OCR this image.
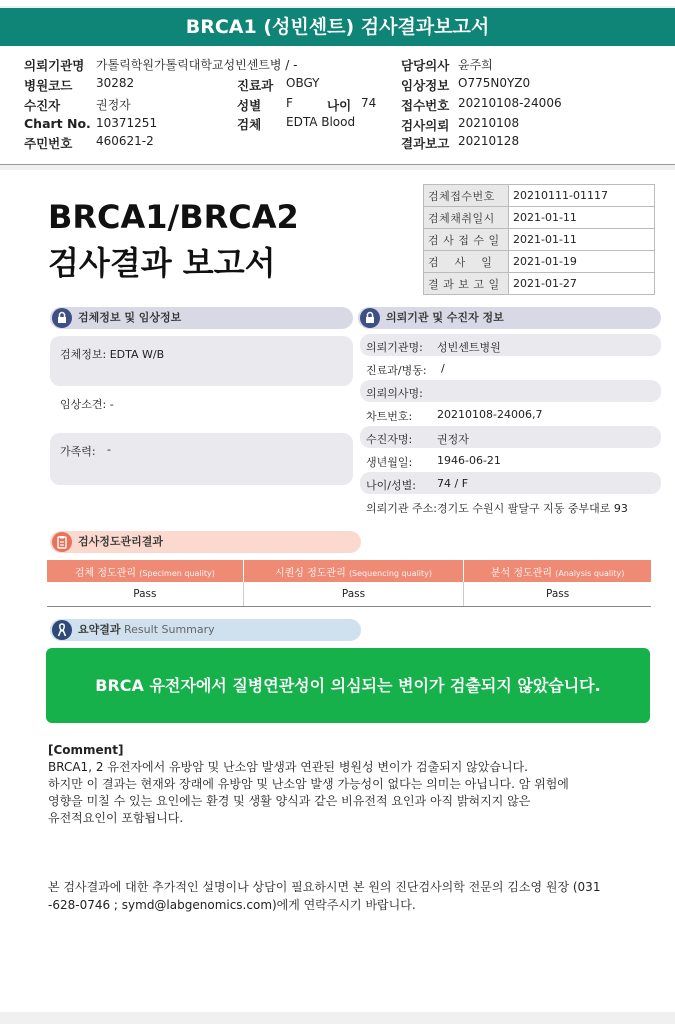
BRCA1 (성빈센트) 검사결과보고서
의뢰기관명 가톨릭학원가톨릭대학교성빈센트병 / -
병원코드 30282	진료과 OBGY
수진자	권정자	성별 F	나이 74
Chart No. 10371251	검체 EDTA Blood
주민번호 460621-2
담당의사 윤주희
임상정보 O775N0YZ0
접수번호 20210108-24006
검사의뢰 20210108
결과보고 20210128
BRCA1/BRCA2
검사결과 보고서
검체접수번호	20210111-01117
검체채취일시	2021-01-11
검 사 접 수 일	2021-01-11
검　 사　 일	2021-01-19
결 과 보 고 일	2021-01-27
검체정보 및 임상정보
검체정보: EDTA W/B
임상소견: -
가족력: -
의뢰기관 및 수진자 정보
의뢰기관명: 성빈센트병원
진료과/병동: /
의뢰의사명:
차트번호: 20210108-24006,7
수진자명: 권정자
생년월일: 1946-06-21
나이/성별: 74 / F
의뢰기관 주소: 경기도 수원시 팔달구 지동 중부대로 93
검사정도관리결과
검체 정도관리 (Specimen quality)	시퀀싱 정도관리 (Sequencing quality)	분석 정도관리 (Analysis quality)
Pass	Pass	Pass
요약결과 Result Summary
BRCA 유전자에서 질병연관성이 의심되는 변이가 검출되지 않았습니다.
[Comment]
BRCA1, 2 유전자에서 유방암 및 난소암 발생과 연관된 병원성 변이가 검출되지 않았습니다.
하지만 이 결과는 현재와 장래에 유방암 및 난소암 발생 가능성이 없다는 의미는 아닙니다. 암 위험에
영향을 미칠 수 있는 요인에는 환경 및 생활 양식과 같은 비유전적 요인과 아직 밝혀지지 않은
유전적요인이 포함됩니다.
본 검사결과에 대한 추가적인 설명이나 상담이 필요하시면 본 원의 진단검사의학 전문의 김소영 원장 (031
-628-0746 ; symd@labgenomics.com)에게 연락주시기 바랍니다.
